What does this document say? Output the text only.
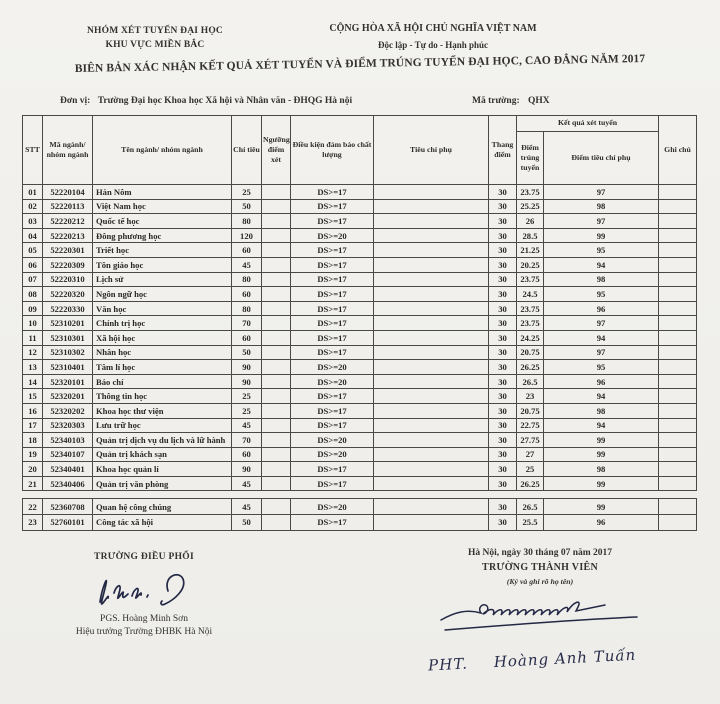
NHÓM XÉT TUYỂN ĐẠI HỌC
KHU VỰC MIỀN BẮC
CỘNG HÒA XÃ HỘI CHỦ NGHĨA VIỆT NAM
Độc lập - Tự do - Hạnh phúc
BIÊN BẢN XÁC NHẬN KẾT QUẢ XÉT TUYỂN VÀ ĐIỂM TRÚNG TUYỂN ĐẠI HỌC, CAO ĐẲNG NĂM 2017
Đơn vị: Trường Đại học Khoa học Xã hội và Nhân văn - ĐHQG Hà nội	Mã trường: QHX
STT	Mã ngành/ nhóm ngành	Tên ngành/ nhóm ngành	Chỉ tiêu	Ngưỡng điểm xét	Điều kiện đảm bảo chất lượng	Tiêu chí phụ	Thang điểm	Kết quả xét tuyển		Ghi chú
								Điểm trúng tuyển	Điểm tiêu chí phụ	
01	52220104	Hán Nôm	25		DS>=17		30	23.75	97	
02	52220113	Việt Nam học	50		DS>=17		30	25.25	98	
03	52220212	Quốc tế học	80		DS>=17		30	26	97	
04	52220213	Đông phương học	120		DS>=20		30	28.5	99	
05	52220301	Triết học	60		DS>=17		30	21.25	95	
06	52220309	Tôn giáo học	45		DS>=17		30	20.25	94	
07	52220310	Lịch sử	80		DS>=17		30	23.75	98	
08	52220320	Ngôn ngữ học	60		DS>=17		30	24.5	95	
09	52220330	Văn học	80		DS>=17		30	23.75	96	
10	52310201	Chính trị học	70		DS>=17		30	23.75	97	
11	52310301	Xã hội học	60		DS>=17		30	24.25	94	
12	52310302	Nhân học	50		DS>=17		30	20.75	97	
13	52310401	Tâm lí học	90		DS>=20		30	26.25	95	
14	52320101	Báo chí	90		DS>=20		30	26.5	96	
15	52320201	Thông tin học	25		DS>=17		30	23	94	
16	52320202	Khoa học thư viện	25		DS>=17		30	20.75	98	
17	52320303	Lưu trữ học	45		DS>=17		30	22.75	94	
18	52340103	Quản trị dịch vụ du lịch và lữ hành	70		DS>=20		30	27.75	99	
19	52340107	Quản trị khách sạn	60		DS>=20		30	27	99	
20	52340401	Khoa học quản lí	90		DS>=17		30	25	98	
21	52340406	Quản trị văn phòng	45		DS>=17		30	26.25	99	
22	52360708	Quan hệ công chúng	45		DS>=20		30	26.5	99	
23	52760101	Công tác xã hội	50		DS>=17		30	25.5	96	
TRƯỜNG ĐIỀU PHỐI
PGS. Hoàng Minh Sơn
Hiệu trưởng Trường ĐHBK Hà Nội
Hà Nội, ngày 30 tháng 07 năm 2017
TRƯỜNG THÀNH VIÊN
(Ký và ghi rõ họ tên)
PHT. Hoàng Anh Tuấn
